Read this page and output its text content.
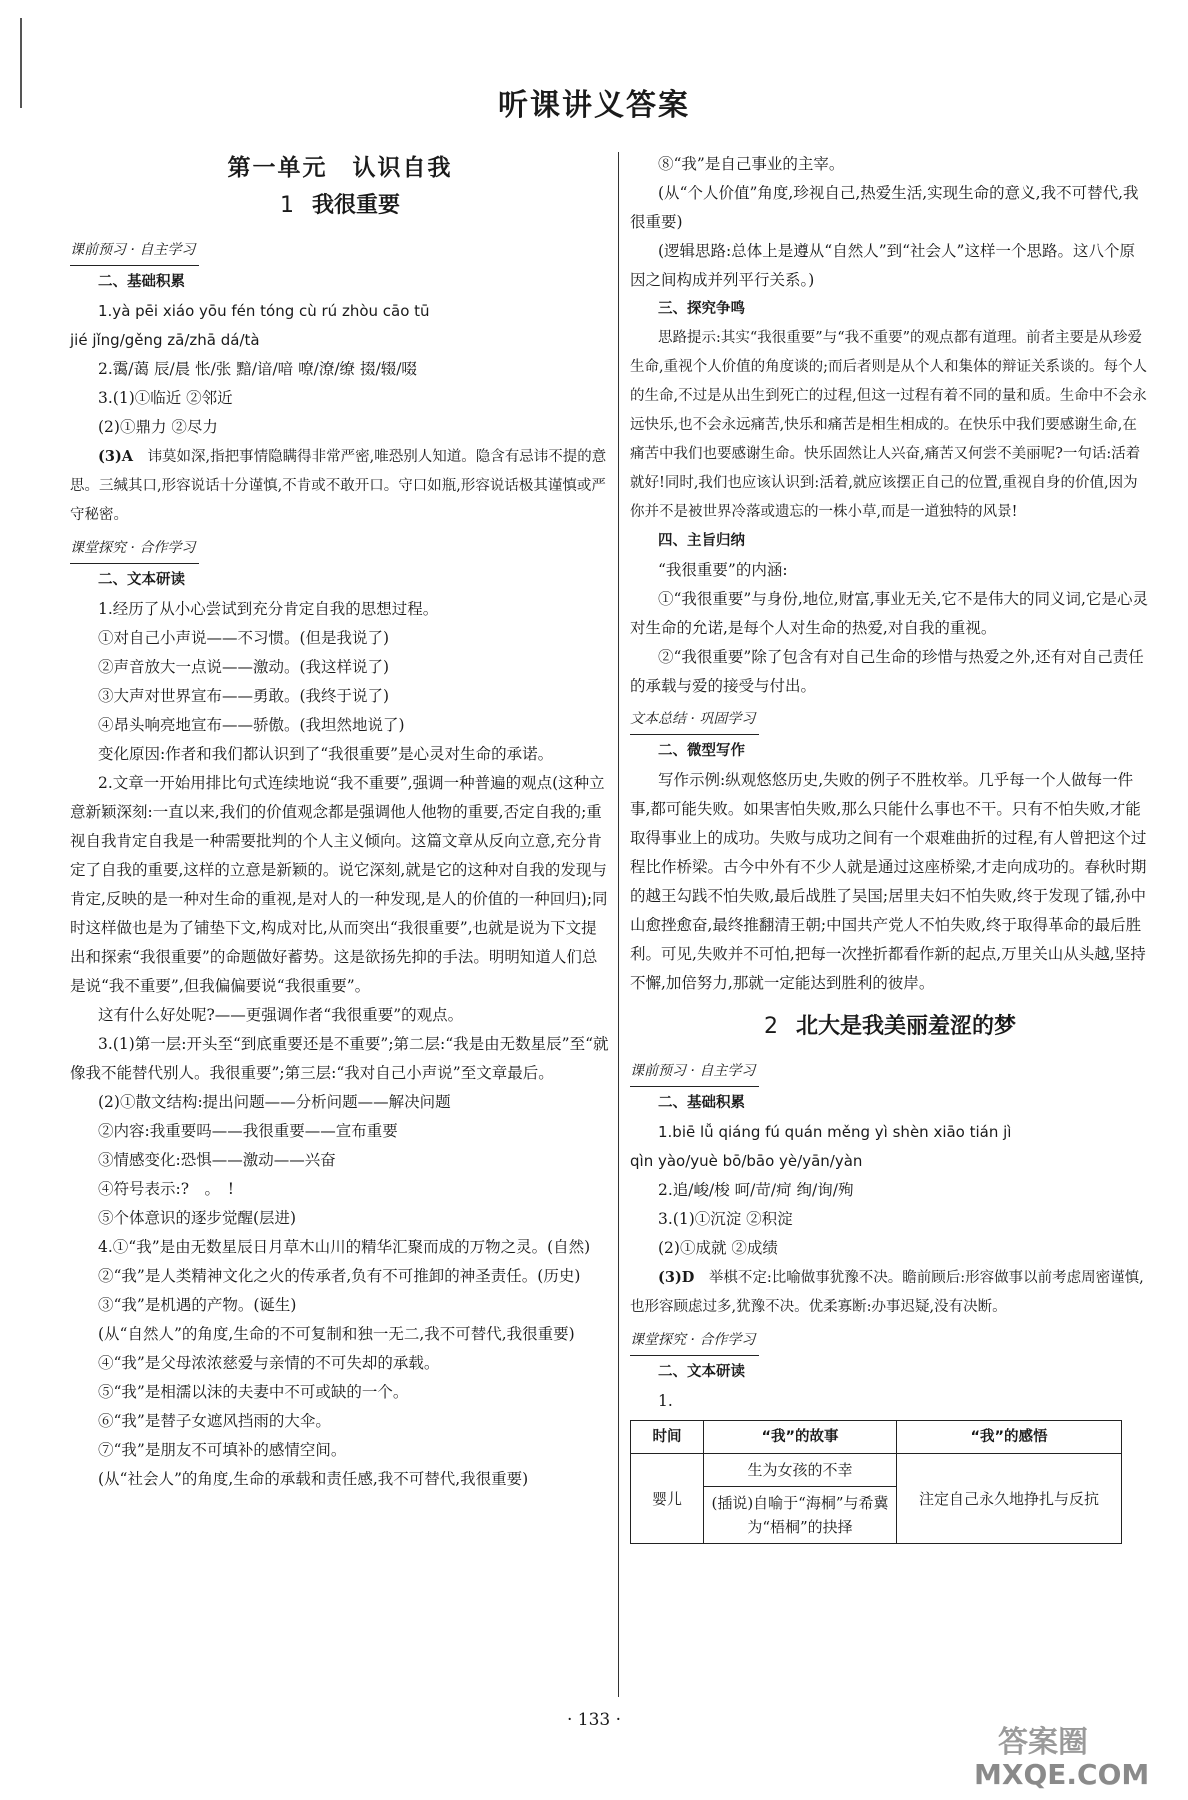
听课讲义答案
第一单元　认识自我
1 我很重要
课前预习 · 自主学习
二、基础积累
1.yà pēi xiáo yōu fén tóng cù rú zhòu cāo tū
jié jǐng/gěng zā/zhā dá/tà

2.霭/蔼 辰/晨 怅/张 黯/谙/喑 嘹/潦/缭 掇/辍/啜

3.(1)①临近 ②邻近

(2)①鼎力 ②尽力

(3)A　 讳莫如深,指把事情隐瞒得非常严密,唯恐别人知道。隐含有忌讳不提的意思。三缄其口,形容说话十分谨慎,不肯或不敢开口。守口如瓶,形容说话极其谨慎或严守秘密。

课堂探究 · 合作学习
二、文本研读

1.经历了从小心尝试到充分肯定自我的思想过程。

①对自己小声说——不习惯。(但是我说了)

②声音放大一点说——激动。(我这样说了)

③大声对世界宣布——勇敢。(我终于说了)

④昂头响亮地宣布——骄傲。(我坦然地说了)

变化原因:作者和我们都认识到了“我很重要”是心灵对生命的承诺。

2.文章一开始用排比句式连续地说“我不重要”,强调一种普遍的观点(这种立意新颖深刻:一直以来,我们的价值观念都是强调他人他物的重要,否定自我的;重视自我肯定自我是一种需要批判的个人主义倾向。这篇文章从反向立意,充分肯定了自我的重要,这样的立意是新颖的。说它深刻,就是它的这种对自我的发现与肯定,反映的是一种对生命的重视,是对人的一种发现,是人的价值的一种回归);同时这样做也是为了铺垫下文,构成对比,从而突出“我很重要”,也就是说为下文提出和探索“我很重要”的命题做好蓄势。这是欲扬先抑的手法。明明知道人们总是说“我不重要”,但我偏偏要说“我很重要”。

这有什么好处呢?——更强调作者“我很重要”的观点。

3.(1)第一层:开头至“到底重要还是不重要”;第二层:“我是由无数星辰”至“就像我不能替代别人。我很重要”;第三层:“我对自己小声说”至文章最后。

(2)①散文结构:提出问题——分析问题——解决问题

②内容:我重要吗——我很重要——宣布重要

③情感变化:恐惧——激动——兴奋

④符号表示:?　。　!

⑤个体意识的逐步觉醒(层进)

4.①“我”是由无数星辰日月草木山川的精华汇聚而成的万物之灵。(自然)

②“我”是人类精神文化之火的传承者,负有不可推卸的神圣责任。(历史)

③“我”是机遇的产物。(诞生)

(从“自然人”的角度,生命的不可复制和独一无二,我不可替代,我很重要)

④“我”是父母浓浓慈爱与亲情的不可失却的承载。

⑤“我”是相濡以沫的夫妻中不可或缺的一个。

⑥“我”是替子女遮风挡雨的大伞。

⑦“我”是朋友不可填补的感情空间。

(从“社会人”的角度,生命的承载和责任感,我不可替代,我很重要)

⑧“我”是自己事业的主宰。

(从“个人价值”角度,珍视自己,热爱生活,实现生命的意义,我不可替代,我很重要)

(逻辑思路:总体上是遵从“自然人”到“社会人”这样一个思路。这八个原因之间构成并列平行关系。)

三、探究争鸣

思路提示:其实“我很重要”与“我不重要”的观点都有道理。前者主要是从珍爱生命,重视个人价值的角度谈的;而后者则是从个人和集体的辩证关系谈的。每个人的生命,不过是从出生到死亡的过程,但这一过程有着不同的量和质。生命中不会永远快乐,也不会永远痛苦,快乐和痛苦是相生相成的。在快乐中我们要感谢生命,在痛苦中我们也要感谢生命。快乐固然让人兴奋,痛苦又何尝不美丽呢?一句话:活着就好!同时,我们也应该认识到:活着,就应该摆正自己的位置,重视自身的价值,因为你并不是被世界冷落或遗忘的一株小草,而是一道独特的风景!

四、主旨归纳

“我很重要”的内涵:

①“我很重要”与身份,地位,财富,事业无关,它不是伟大的同义词,它是心灵对生命的允诺,是每个人对生命的热爱,对自我的重视。

②“我很重要”除了包含有对自己生命的珍惜与热爱之外,还有对自己责任的承载与爱的接受与付出。

文本总结 · 巩固学习
二、微型写作

写作示例:纵观悠悠历史,失败的例子不胜枚举。几乎每一个人做每一件事,都可能失败。如果害怕失败,那么只能什么事也不干。只有不怕失败,才能取得事业上的成功。失败与成功之间有一个艰难曲折的过程,有人曾把这个过程比作桥梁。古今中外有不少人就是通过这座桥梁,才走向成功的。春秋时期的越王勾践不怕失败,最后战胜了吴国;居里夫妇不怕失败,终于发现了镭,孙中山愈挫愈奋,最终推翻清王朝;中国共产党人不怕失败,终于取得革命的最后胜利。可见,失败并不可怕,把每一次挫折都看作新的起点,万里关山从头越,坚持不懈,加倍努力,那就一定能达到胜利的彼岸。

2 北大是我美丽羞涩的梦
课前预习 · 自主学习
二、基础积累
1.biē lǚ qiáng fú quán měng yì shèn xiāo tián jì
qìn yào/yuè bō/bāo yè/yān/yàn

2.追/峻/梭 呵/苛/疴 绚/询/殉

3.(1)①沉淀 ②积淀

(2)①成就 ②成绩

(3)D　 举棋不定:比喻做事犹豫不决。瞻前顾后:形容做事以前考虑周密谨慎,也形容顾虑过多,犹豫不决。优柔寡断:办事迟疑,没有决断。

课堂探究 · 合作学习
二、文本研读

1.

时间	“我”的故事	“我”的感悟
婴儿	生为女孩的不幸	注定自己永久地挣扎与反抗
	(插说)自喻于“海桐”与希冀为“梧桐”的抉择	
· 133 ·
答案圈
MXQE.COM
